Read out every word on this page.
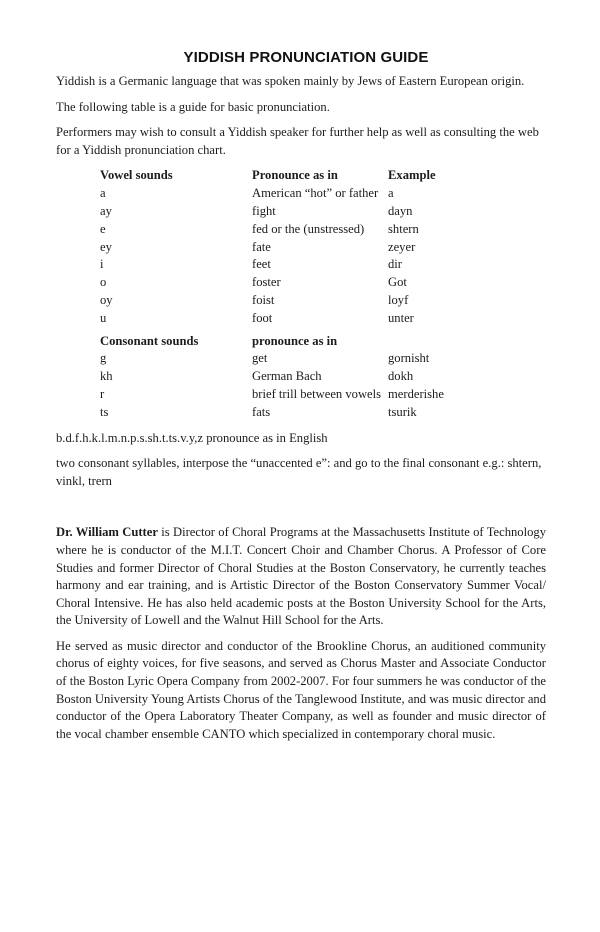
YIDDISH PRONUNCIATION GUIDE

Yiddish is a Germanic language that was spoken mainly by Jews of Eastern European origin.

The following table is a guide for basic pronunciation.

Performers may wish to consult a Yiddish speaker for further help as well as consulting the web for a Yiddish pronunciation chart.

Vowel sounds	Pronounce as in	Example
a	American “hot” or father	a
ay	fight	dayn
e	fed or the (unstressed)	shtern
ey	fate	zeyer
i	feet	dir
o	foster	Got
oy	foist	loyf
u	foot	unter
Consonant sounds	pronounce as in	
g	get	gornisht
kh	German Bach	dokh
r	brief trill between vowels	merderishe
ts	fats	tsurik

b.d.f.h.k.l.m.n.p.s.sh.t.ts.v.y,z pronounce as in English

two consonant syllables, interpose the “unaccented e”: and go to the final consonant e.g.: shtern, vinkl, trern

Dr. William Cutter is Director of Choral Programs at the Massachusetts Institute of Technology where he is conductor of the M.I.T. Concert Choir and Chamber Chorus. A Professor of Core Studies and former Director of Choral Studies at the Boston Conservatory, he currently teaches harmony and ear training, and is Artistic Director of the Boston Conservatory Summer Vocal/ Choral Intensive. He has also held academic posts at the Boston University School for the Arts, the University of Lowell and the Walnut Hill School for the Arts.

He served as music director and conductor of the Brookline Chorus, an auditioned community chorus of eighty voices, for five seasons, and served as Chorus Master and Associate Conductor of the Boston Lyric Opera Company from 2002-2007. For four summers he was conductor of the Boston University Young Artists Chorus of the Tanglewood Institute, and was music director and conductor of the Opera Laboratory Theater Company, as well as founder and music director of the vocal chamber ensemble CANTO which specialized in contemporary choral music.
